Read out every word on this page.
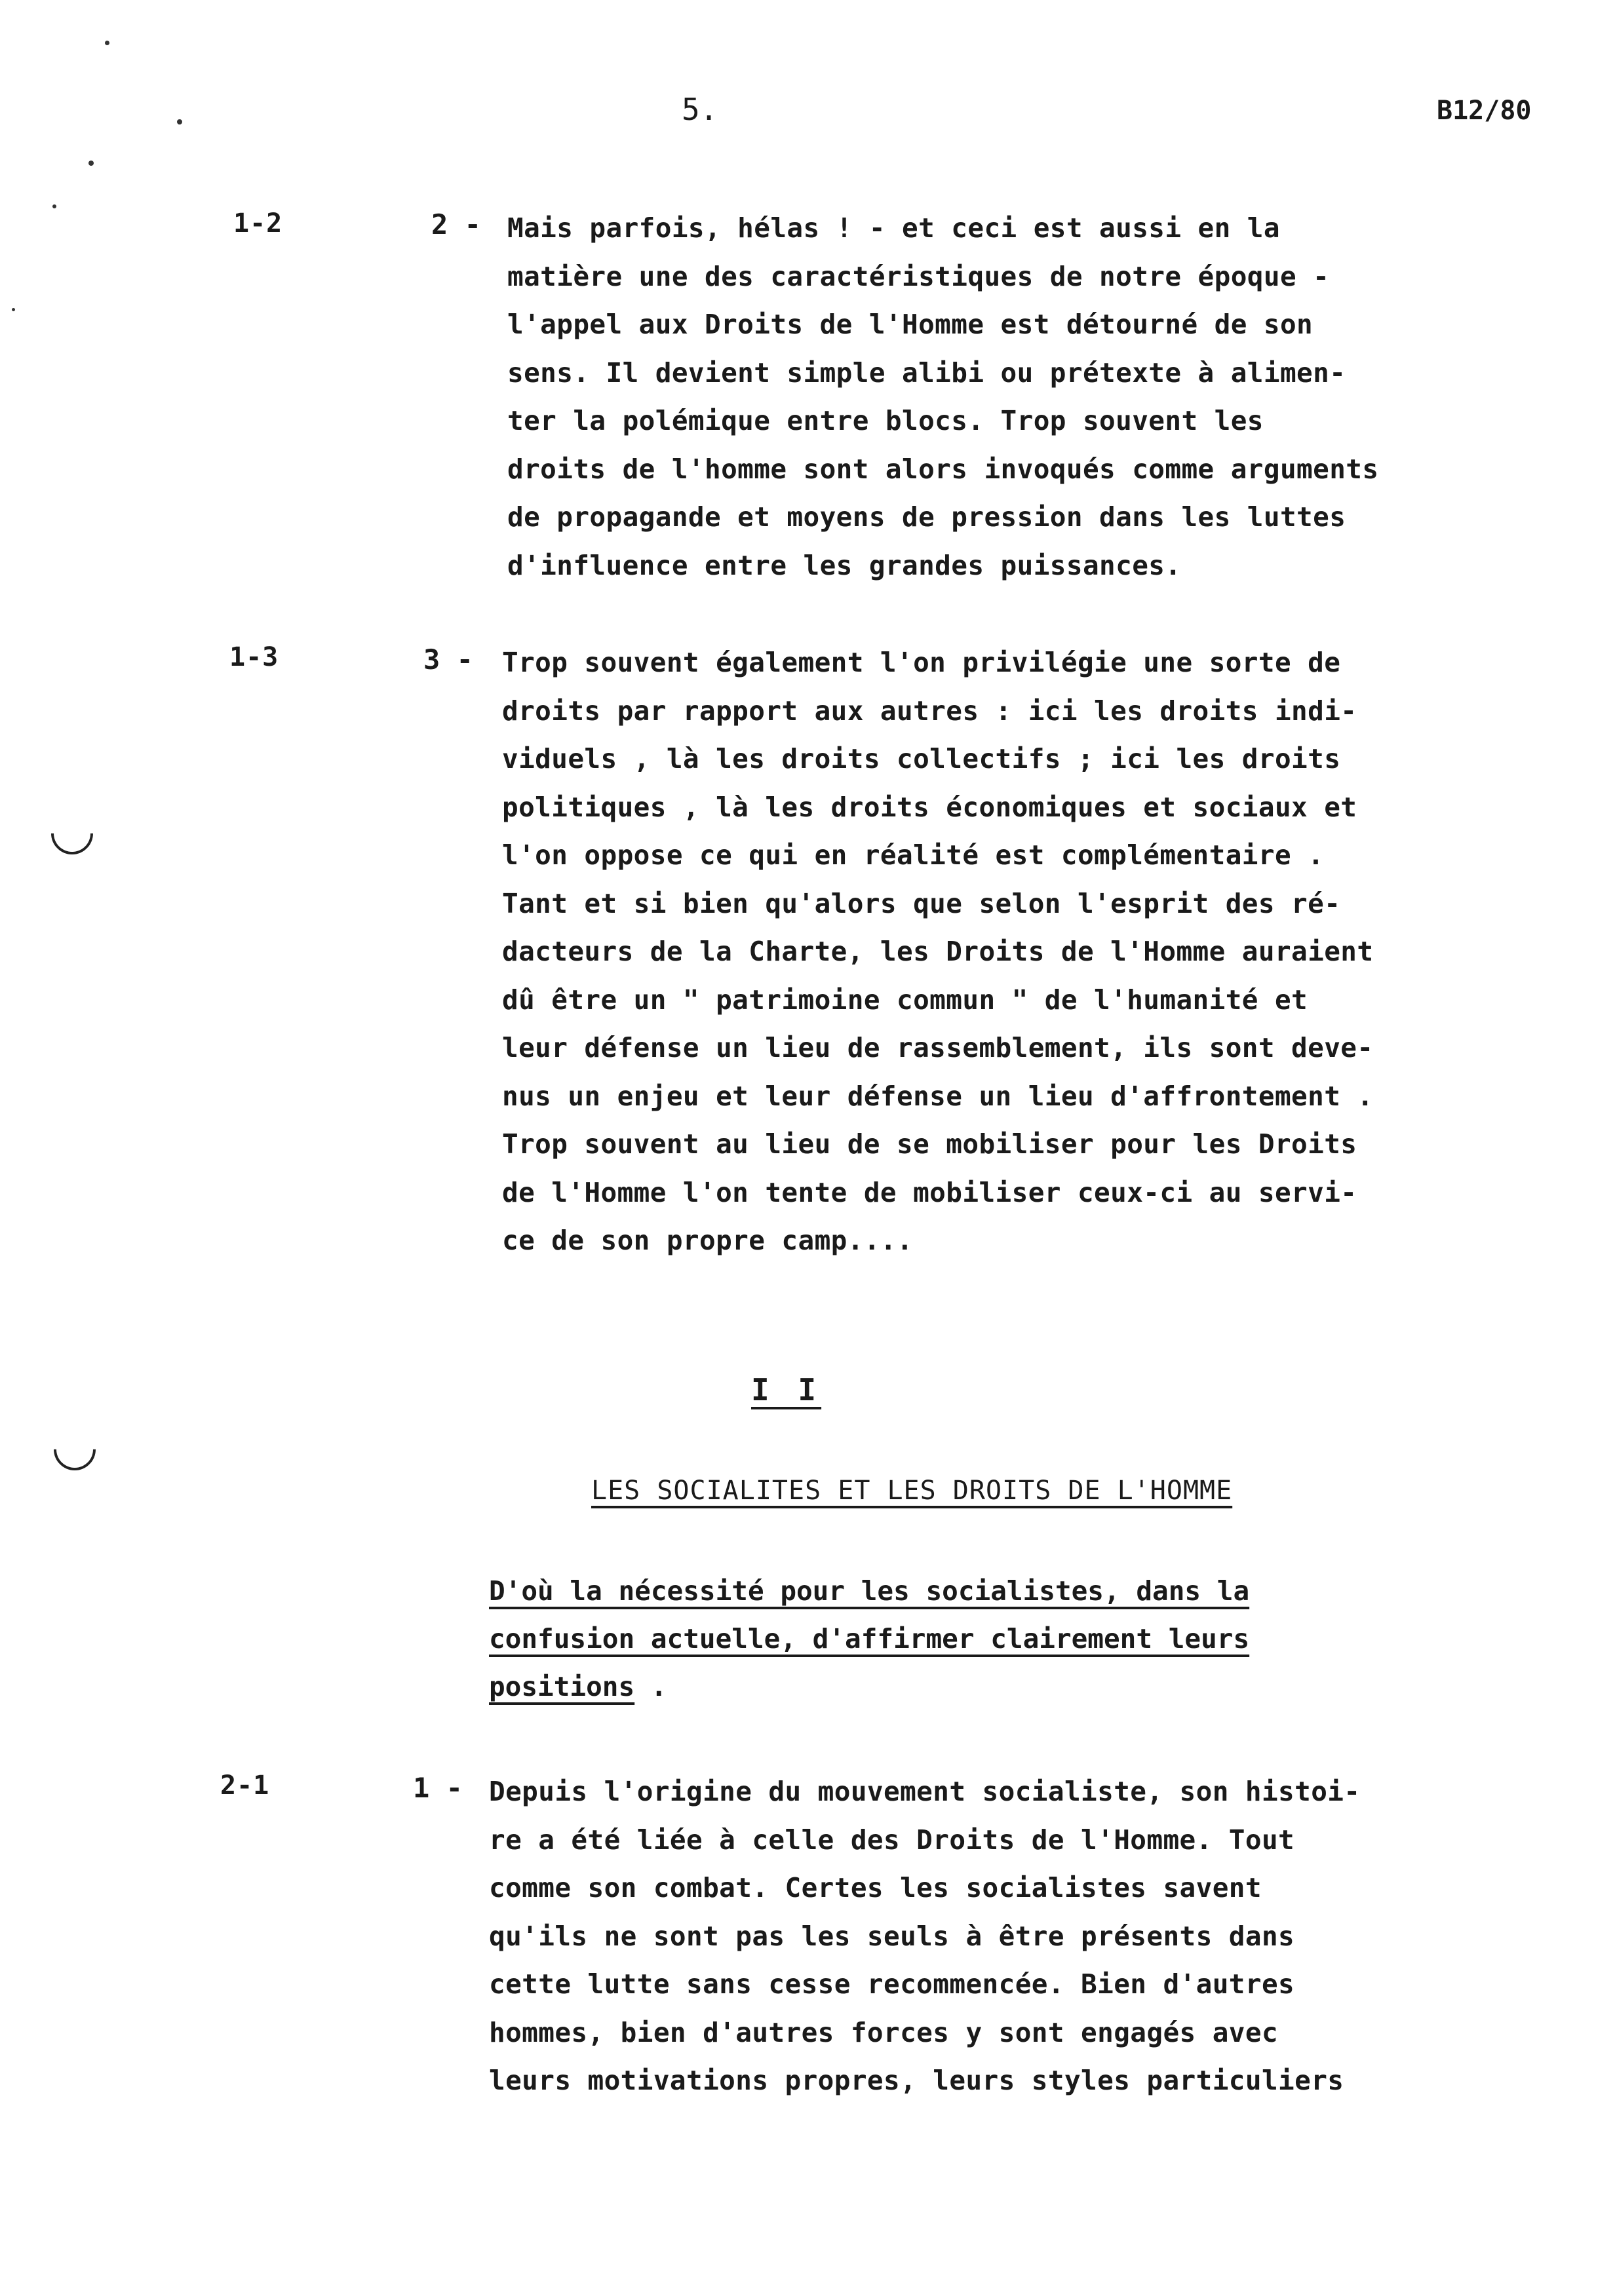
5.	B12/80
1-2	2 - Mais parfois, hélas ! - et ceci est aussi en la
matière une des caractéristiques de notre époque -
l'appel aux Droits de l'Homme est détourné de son
sens. Il devient simple alibi ou prétexte à alimen-
ter la polémique entre blocs. Trop souvent les
droits de l'homme sont alors invoqués comme arguments
de propagande et moyens de pression dans les luttes
d'influence entre les grandes puissances.
1-3	3 - Trop souvent également l'on privilégie une sorte de
droits par rapport aux autres : ici les droits indi-
viduels , là les droits collectifs ; ici les droits
politiques , là les droits économiques et sociaux et
l'on oppose ce qui en réalité est complémentaire .
Tant et si bien qu'alors que selon l'esprit des ré-
dacteurs de la Charte, les Droits de l'Homme auraient
dû être un " patrimoine commun " de l'humanité et
leur défense un lieu de rassemblement, ils sont deve-
nus un enjeu et leur défense un lieu d'affrontement .
Trop souvent au lieu de se mobiliser pour les Droits
de l'Homme l'on tente de mobiliser ceux-ci au servi-
ce de son propre camp....
I I
LES SOCIALITES ET LES DROITS DE L'HOMME
D'où la nécessité pour les socialistes, dans la
confusion actuelle, d'affirmer clairement leurs
positions .
2-1	1 - Depuis l'origine du mouvement socialiste, son histoi-
re a été liée à celle des Droits de l'Homme. Tout
comme son combat. Certes les socialistes savent
qu'ils ne sont pas les seuls à être présents dans
cette lutte sans cesse recommencée. Bien d'autres
hommes, bien d'autres forces y sont engagés avec
leurs motivations propres, leurs styles particuliers
